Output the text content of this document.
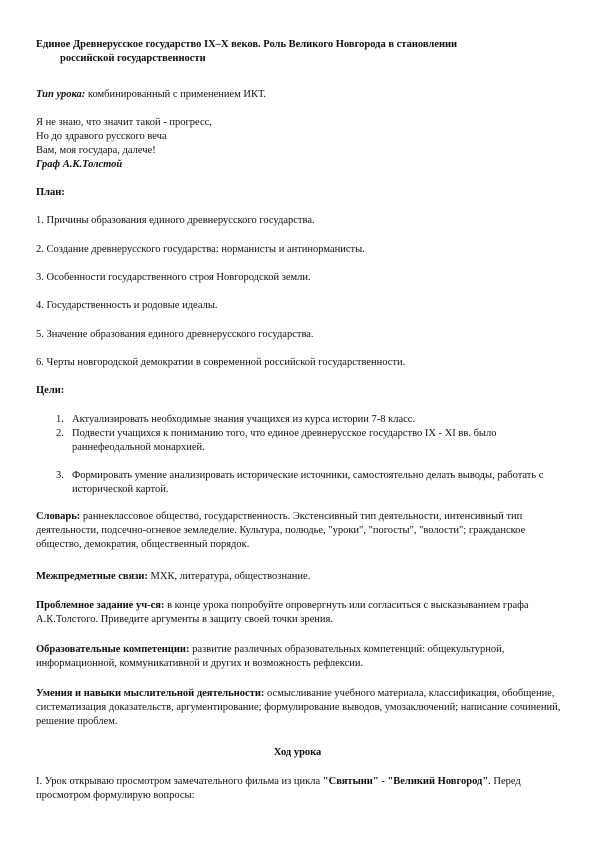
Единое Древнерусское государство IX–X веков. Роль Великого Новгорода в становлении
российской государственности
Тип урока: комбинированный с применением ИКТ.
Я не знаю, что значит такой - прогресс,
Но до здравого русского веча
Вам, моя государа, далече!
Граф А.К.Толстой
План:
1. Причины образования единого древнерусского государства.
2. Создание древнерусского государства: норманисты и антинорманисты.
3. Особенности государственного строя Новгородской земли.
4. Государственность и родовые идеалы.
5. Значение образования единого древнерусского государства.
6. Черты новгородской демократии в современной российской государственности.
Цели:
1. Актуализировать необходимые знания учащихся из курса истории 7-8 класс.
2. Подвести учащихся к пониманию того, что единое древнерусское государство IX - XI вв. было раннефеодальной монархией.
3. Формировать умение анализировать исторические источники, самостоятельно делать выводы, работать с исторической картой.
Словарь: раннеклассовое общество, государственность. Экстенсивный тип деятельности, интенсивный тип деятельности, подсечно-огневое земледелие. Культура, полюдье, "уроки", "погосты", "волости"; гражданское общество, демократия, общественный порядок.
Межпредметные связи: МХК, литература, обществознание.
Проблемное задание уч-ся: в конце урока попробуйте опровергнуть или согласиться с высказыванием графа А.К.Толстого. Приведите аргументы в защиту своей точки зрения.
Образовательные компетенции: развитие различных образовательных компетенций: общекультурной, информационной, коммуникативной и других и возможность рефлексии.
Умения и навыки мыслительной деятельности: осмысливание учебного материала, классификация, обобщение, систематизация доказательств, аргументирование; формулирование выводов, умозаключений; написание сочинений, решение проблем.
Ход урока
I. Урок открываю просмотром замечательного фильма из цикла "Святыни" - "Великий Новгород". Перед просмотром формулирую вопросы:
